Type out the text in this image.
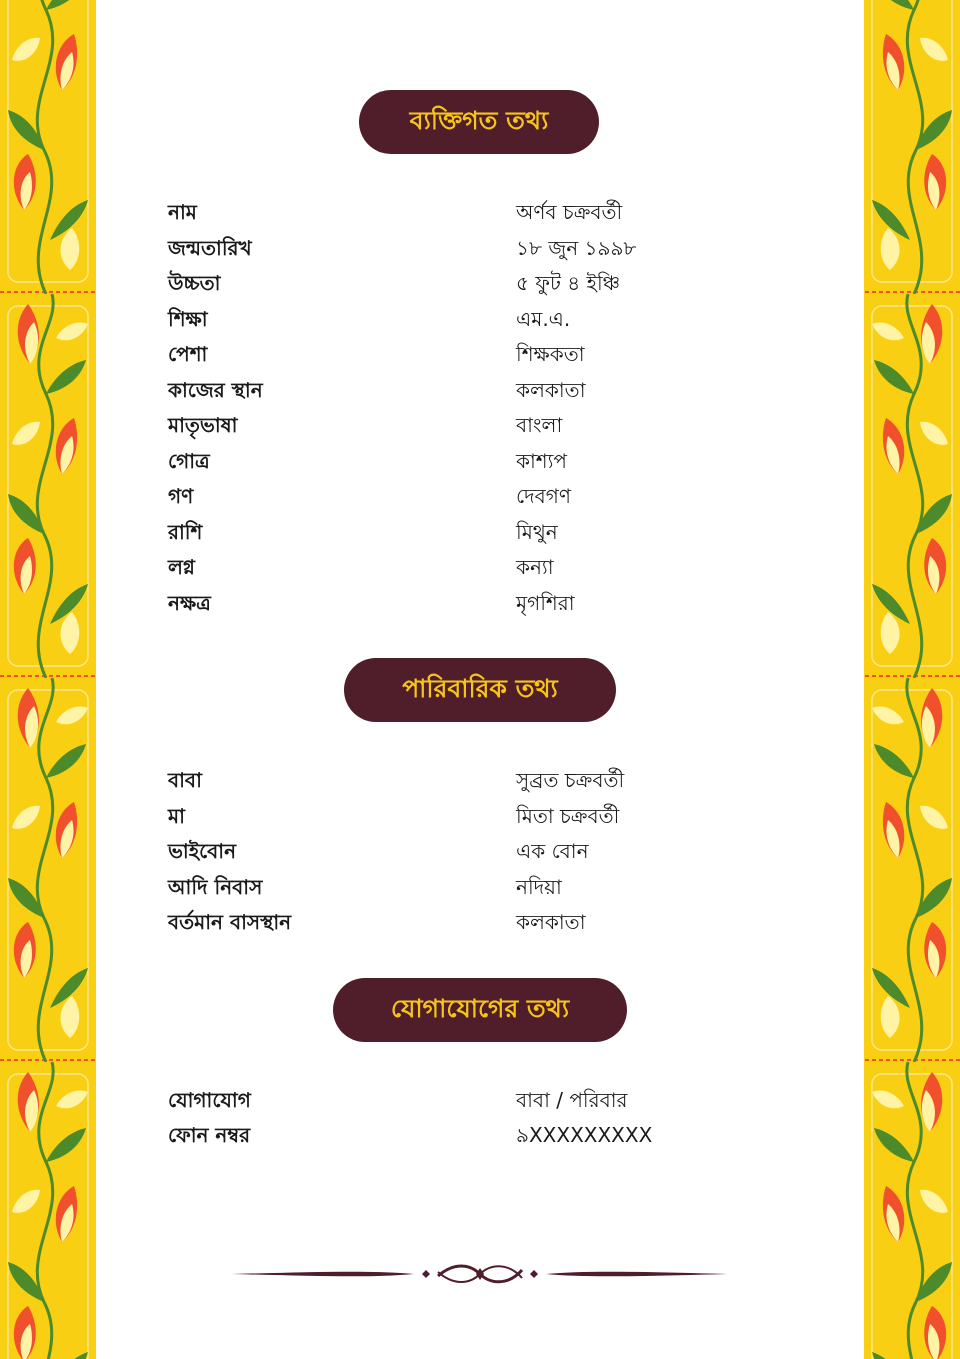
ব্যক্তিগত তথ্য
নাম	অর্ণব চক্রবর্তী
জন্মতারিখ	১৮ জুন ১৯৯৮
উচ্চতা	৫ ফুট ৪ ইঞ্চি
শিক্ষা	এম.এ.
পেশা	শিক্ষকতা
কাজের স্থান	কলকাতা
মাতৃভাষা	বাংলা
গোত্র	কাশ্যপ
গণ	দেবগণ
রাশি	মিথুন
লগ্ন	কন্যা
নক্ষত্র	মৃগশিরা
পারিবারিক তথ্য
বাবা	সুব্রত চক্রবর্তী
মা	মিতা চক্রবর্তী
ভাইবোন	এক বোন
আদি নিবাস	নদিয়া
বর্তমান বাসস্থান	কলকাতা
যোগাযোগের তথ্য
যোগাযোগ	বাবা / পরিবার
ফোন নম্বর	৯XXXXXXXXX
